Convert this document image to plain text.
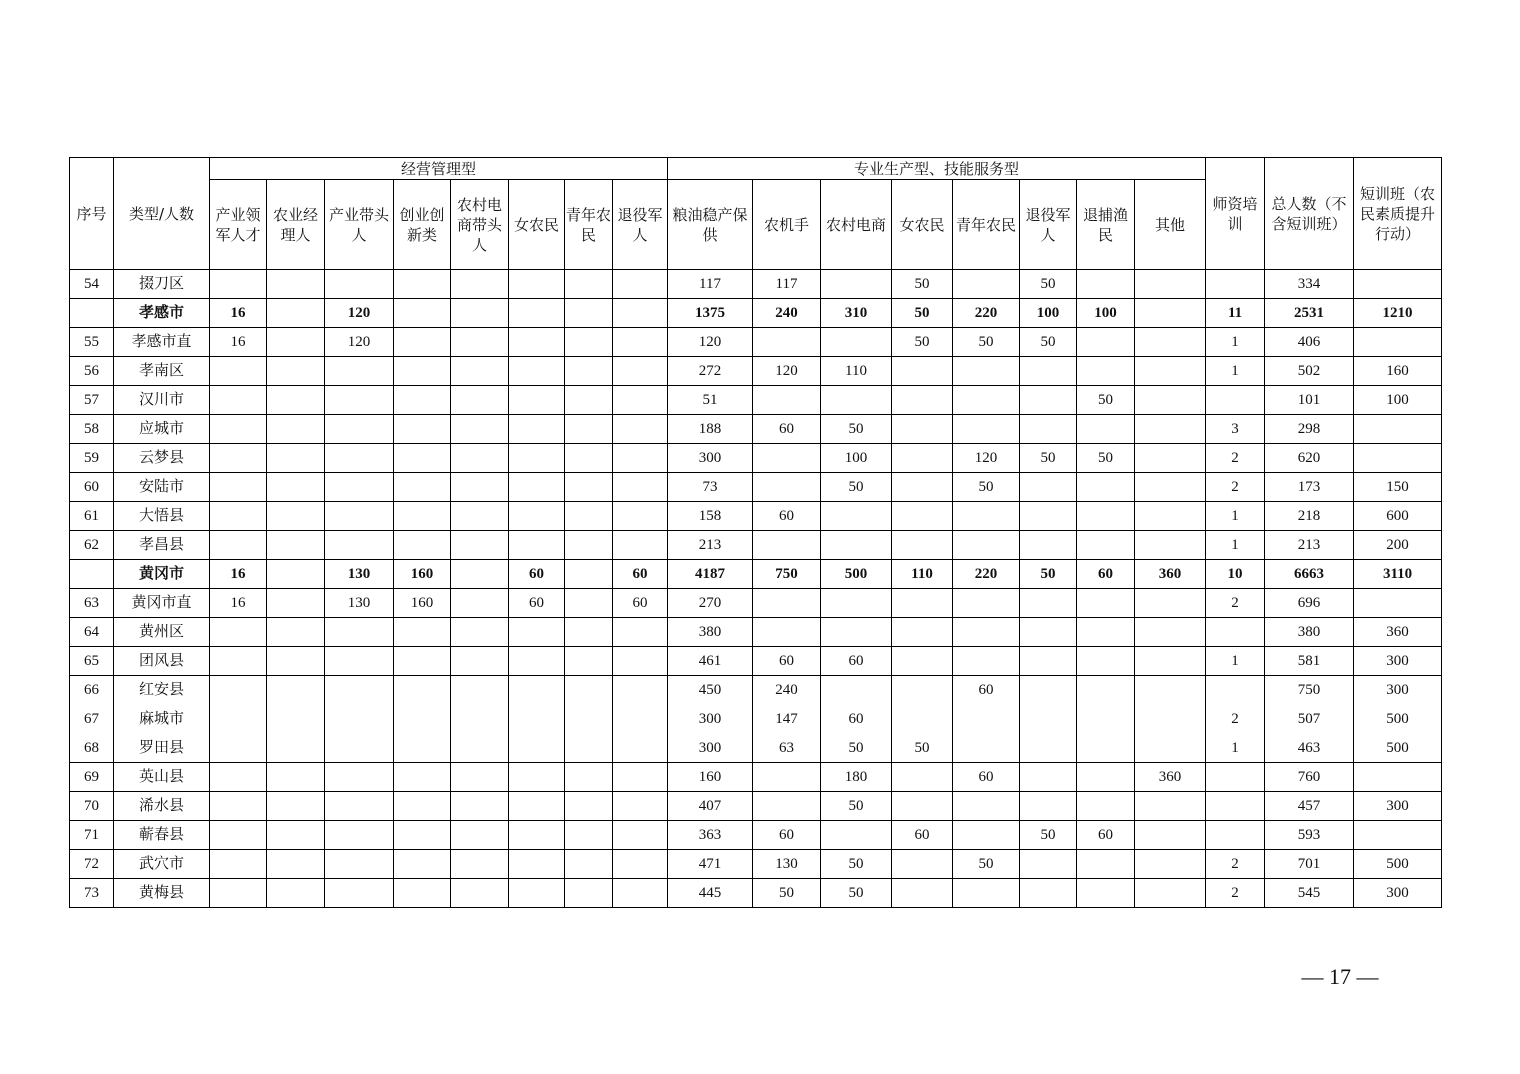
序号	类型/人数	经营管理型								专业生产型、技能服务型								师资培训	总人数（不含短训班）	短训班（农民素质提升行动）
		产业领军人才	农业经理人	产业带头人	创业创新类	农村电商带头人	女农民	青年农民	退役军人	粮油稳产保供	农机手	农村电商	女农民	青年农民	退役军人	退捕渔民	其他			
54	掇刀区									117	117		50		50				334	
	孝感市	16		120						1375	240	310	50	220	100	100		11	2531	1210
55	孝感市直	16		120						120			50	50	50			1	406	
56	孝南区									272	120	110						1	502	160
57	汉川市									51						50			101	100
58	应城市									188	60	50						3	298	
59	云梦县									300		100		120	50	50		2	620	
60	安陆市									73		50		50				2	173	150
61	大悟县									158	60							1	218	600
62	孝昌县									213								1	213	200
	黄冈市	16		130	160		60		60	4187	750	500	110	220	50	60	360	10	6663	3110
63	黄冈市直	16		130	160		60		60	270								2	696	
64	黄州区									380									380	360
65	团风县									461	60	60						1	581	300
66	红安县									450	240			60					750	300
67	麻城市									300	147	60						2	507	500
68	罗田县									300	63	50	50					1	463	500
69	英山县									160		180		60			360		760	
70	浠水县									407		50							457	300
71	蕲春县									363	60		60		50	60			593	
72	武穴市									471	130	50		50				2	701	500
73	黄梅县									445	50	50						2	545	300
— 17 —
